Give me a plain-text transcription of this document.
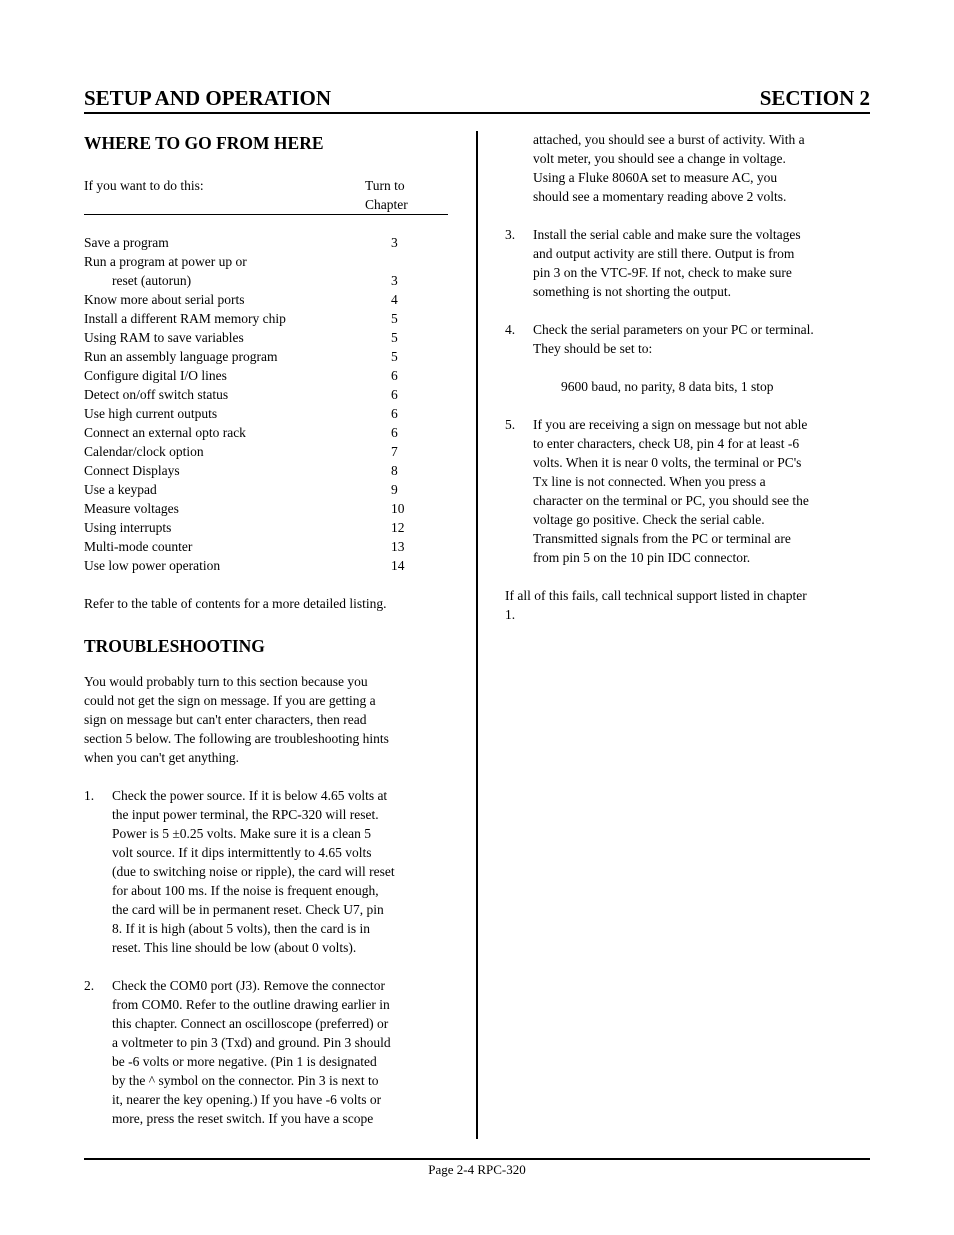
SETUP AND OPERATION	SECTION 2
WHERE TO GO FROM HERE
If you want to do this:	Turn to
Chapter
Save a program	3
Run a program at power up or
reset (autorun)	3
Know more about serial ports	4
Install a different RAM memory chip	5
Using RAM to save variables	5
Run an assembly language program	5
Configure digital I/O lines	6
Detect on/off switch status	6
Use high current outputs	6
Connect an external opto rack	6
Calendar/clock option	7
Connect Displays	8
Use a keypad	9
Measure voltages	10
Using interrupts	12
Multi-mode counter	13
Use low power operation	14
Refer to the table of contents for a more detailed listing.
TROUBLESHOOTING
You would probably turn to this section because you
could not get the sign on message. If you are getting a
sign on message but can't enter characters, then read
section 5 below. The following are troubleshooting hints
when you can't get anything.
1. Check the power source. If it is below 4.65 volts at
the input power terminal, the RPC-320 will reset.
Power is 5 ±0.25 volts. Make sure it is a clean 5
volt source. If it dips intermittently to 4.65 volts
(due to switching noise or ripple), the card will reset
for about 100 ms. If the noise is frequent enough,
the card will be in permanent reset. Check U7, pin
8. If it is high (about 5 volts), then the card is in
reset. This line should be low (about 0 volts).
2. Check the COM0 port (J3). Remove the connector
from COM0. Refer to the outline drawing earlier in
this chapter. Connect an oscilloscope (preferred) or
a voltmeter to pin 3 (Txd) and ground. Pin 3 should
be -6 volts or more negative. (Pin 1 is designated
by the ^ symbol on the connector. Pin 3 is next to
it, nearer the key opening.) If you have -6 volts or
more, press the reset switch. If you have a scope
attached, you should see a burst of activity. With a
volt meter, you should see a change in voltage.
Using a Fluke 8060A set to measure AC, you
should see a momentary reading above 2 volts.
3. Install the serial cable and make sure the voltages
and output activity are still there. Output is from
pin 3 on the VTC-9F. If not, check to make sure
something is not shorting the output.
4. Check the serial parameters on your PC or terminal.
They should be set to:
9600 baud, no parity, 8 data bits, 1 stop
5. If you are receiving a sign on message but not able
to enter characters, check U8, pin 4 for at least -6
volts. When it is near 0 volts, the terminal or PC's
Tx line is not connected. When you press a
character on the terminal or PC, you should see the
voltage go positive. Check the serial cable.
Transmitted signals from the PC or terminal are
from pin 5 on the 10 pin IDC connector.
If all of this fails, call technical support listed in chapter
1.
Page 2-4 RPC-320
